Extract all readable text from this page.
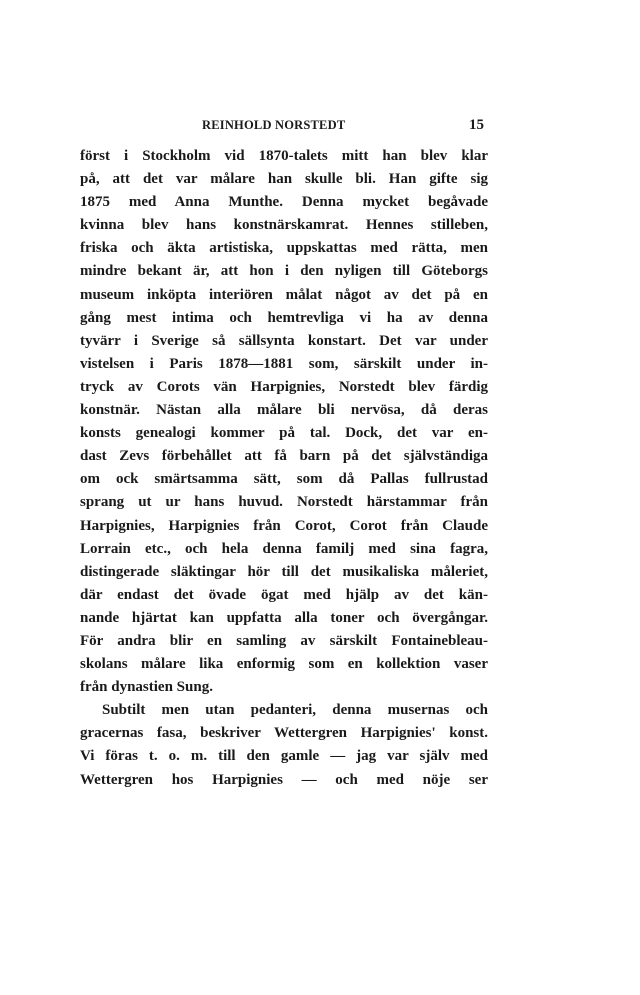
REINHOLD NORSTEDT	15
först i Stockholm vid 1870-talets mitt han blev klar
på, att det var målare han skulle bli. Han gifte sig
1875 med Anna Munthe. Denna mycket begåvade
kvinna blev hans konstnärskamrat. Hennes stilleben,
friska och äkta artistiska, uppskattas med rätta, men
mindre bekant är, att hon i den nyligen till Göteborgs
museum inköpta interiören målat något av det på en
gång mest intima och hemtrevliga vi ha av denna
tyvärr i Sverige så sällsynta konstart. Det var under
vistelsen i Paris 1878—1881 som, särskilt under in-
tryck av Corots vän Harpignies, Norstedt blev färdig
konstnär. Nästan alla målare bli nervösa, då deras
konsts genealogi kommer på tal. Dock, det var en-
dast Zevs förbehållet att få barn på det självständiga
om ock smärtsamma sätt, som då Pallas fullrustad
sprang ut ur hans huvud. Norstedt härstammar från
Harpignies, Harpignies från Corot, Corot från Claude
Lorrain etc., och hela denna familj med sina fagra,
distingerade släktingar hör till det musikaliska måleriet,
där endast det övade ögat med hjälp av det kän-
nande hjärtat kan uppfatta alla toner och övergångar.
För andra blir en samling av särskilt Fontainebleau-
skolans målare lika enformig som en kollektion vaser
från dynastien Sung.
Subtilt men utan pedanteri, denna musernas och
gracernas fasa, beskriver Wettergren Harpignies' konst.
Vi föras t. o. m. till den gamle — jag var själv med
Wettergren hos Harpignies — och med nöje ser
